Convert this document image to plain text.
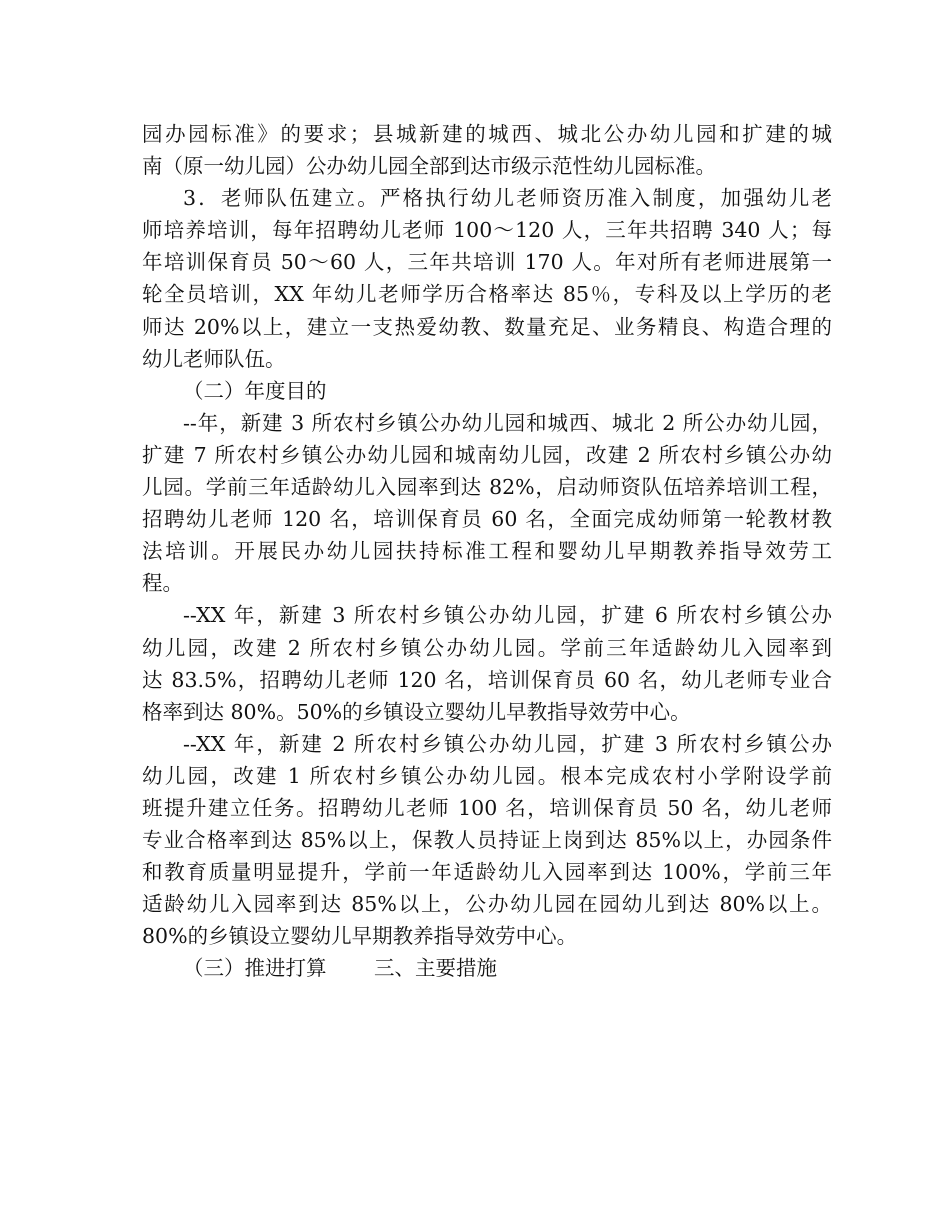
园办园标准》的要求；县城新建的城西、城北公办幼儿园和扩建的城
南（原一幼儿园）公办幼儿园全部到达市级示范性幼儿园标准。
3．老师队伍建立。严格执行幼儿老师资历准入制度，加强幼儿老
师培养培训，每年招聘幼儿老师 100～120 人，三年共招聘 340 人；每
年培训保育员 50～60 人，三年共培训 170 人。年对所有老师进展第一
轮全员培训，XX 年幼儿老师学历合格率达 85％，专科及以上学历的老
师达 20%以上，建立一支热爱幼教、数量充足、业务精良、构造合理的
幼儿老师队伍。
（二）年度目的
--年，新建 3 所农村乡镇公办幼儿园和城西、城北 2 所公办幼儿园，
扩建 7 所农村乡镇公办幼儿园和城南幼儿园，改建 2 所农村乡镇公办幼
儿园。学前三年适龄幼儿入园率到达 82%，启动师资队伍培养培训工程，
招聘幼儿老师 120 名，培训保育员 60 名，全面完成幼师第一轮教材教
法培训。开展民办幼儿园扶持标准工程和婴幼儿早期教养指导效劳工
程。
--XX 年，新建 3 所农村乡镇公办幼儿园，扩建 6 所农村乡镇公办
幼儿园，改建 2 所农村乡镇公办幼儿园。学前三年适龄幼儿入园率到
达 83.5%，招聘幼儿老师 120 名，培训保育员 60 名，幼儿老师专业合
格率到达 80%。50%的乡镇设立婴幼儿早教指导效劳中心。
--XX 年，新建 2 所农村乡镇公办幼儿园，扩建 3 所农村乡镇公办
幼儿园，改建 1 所农村乡镇公办幼儿园。根本完成农村小学附设学前
班提升建立任务。招聘幼儿老师 100 名，培训保育员 50 名，幼儿老师
专业合格率到达 85%以上，保教人员持证上岗到达 85%以上，办园条件
和教育质量明显提升，学前一年适龄幼儿入园率到达 100%，学前三年
适龄幼儿入园率到达 85%以上，公办幼儿园在园幼儿到达 80%以上。
80%的乡镇设立婴幼儿早期教养指导效劳中心。
（三）推进打算　　 三、主要措施
